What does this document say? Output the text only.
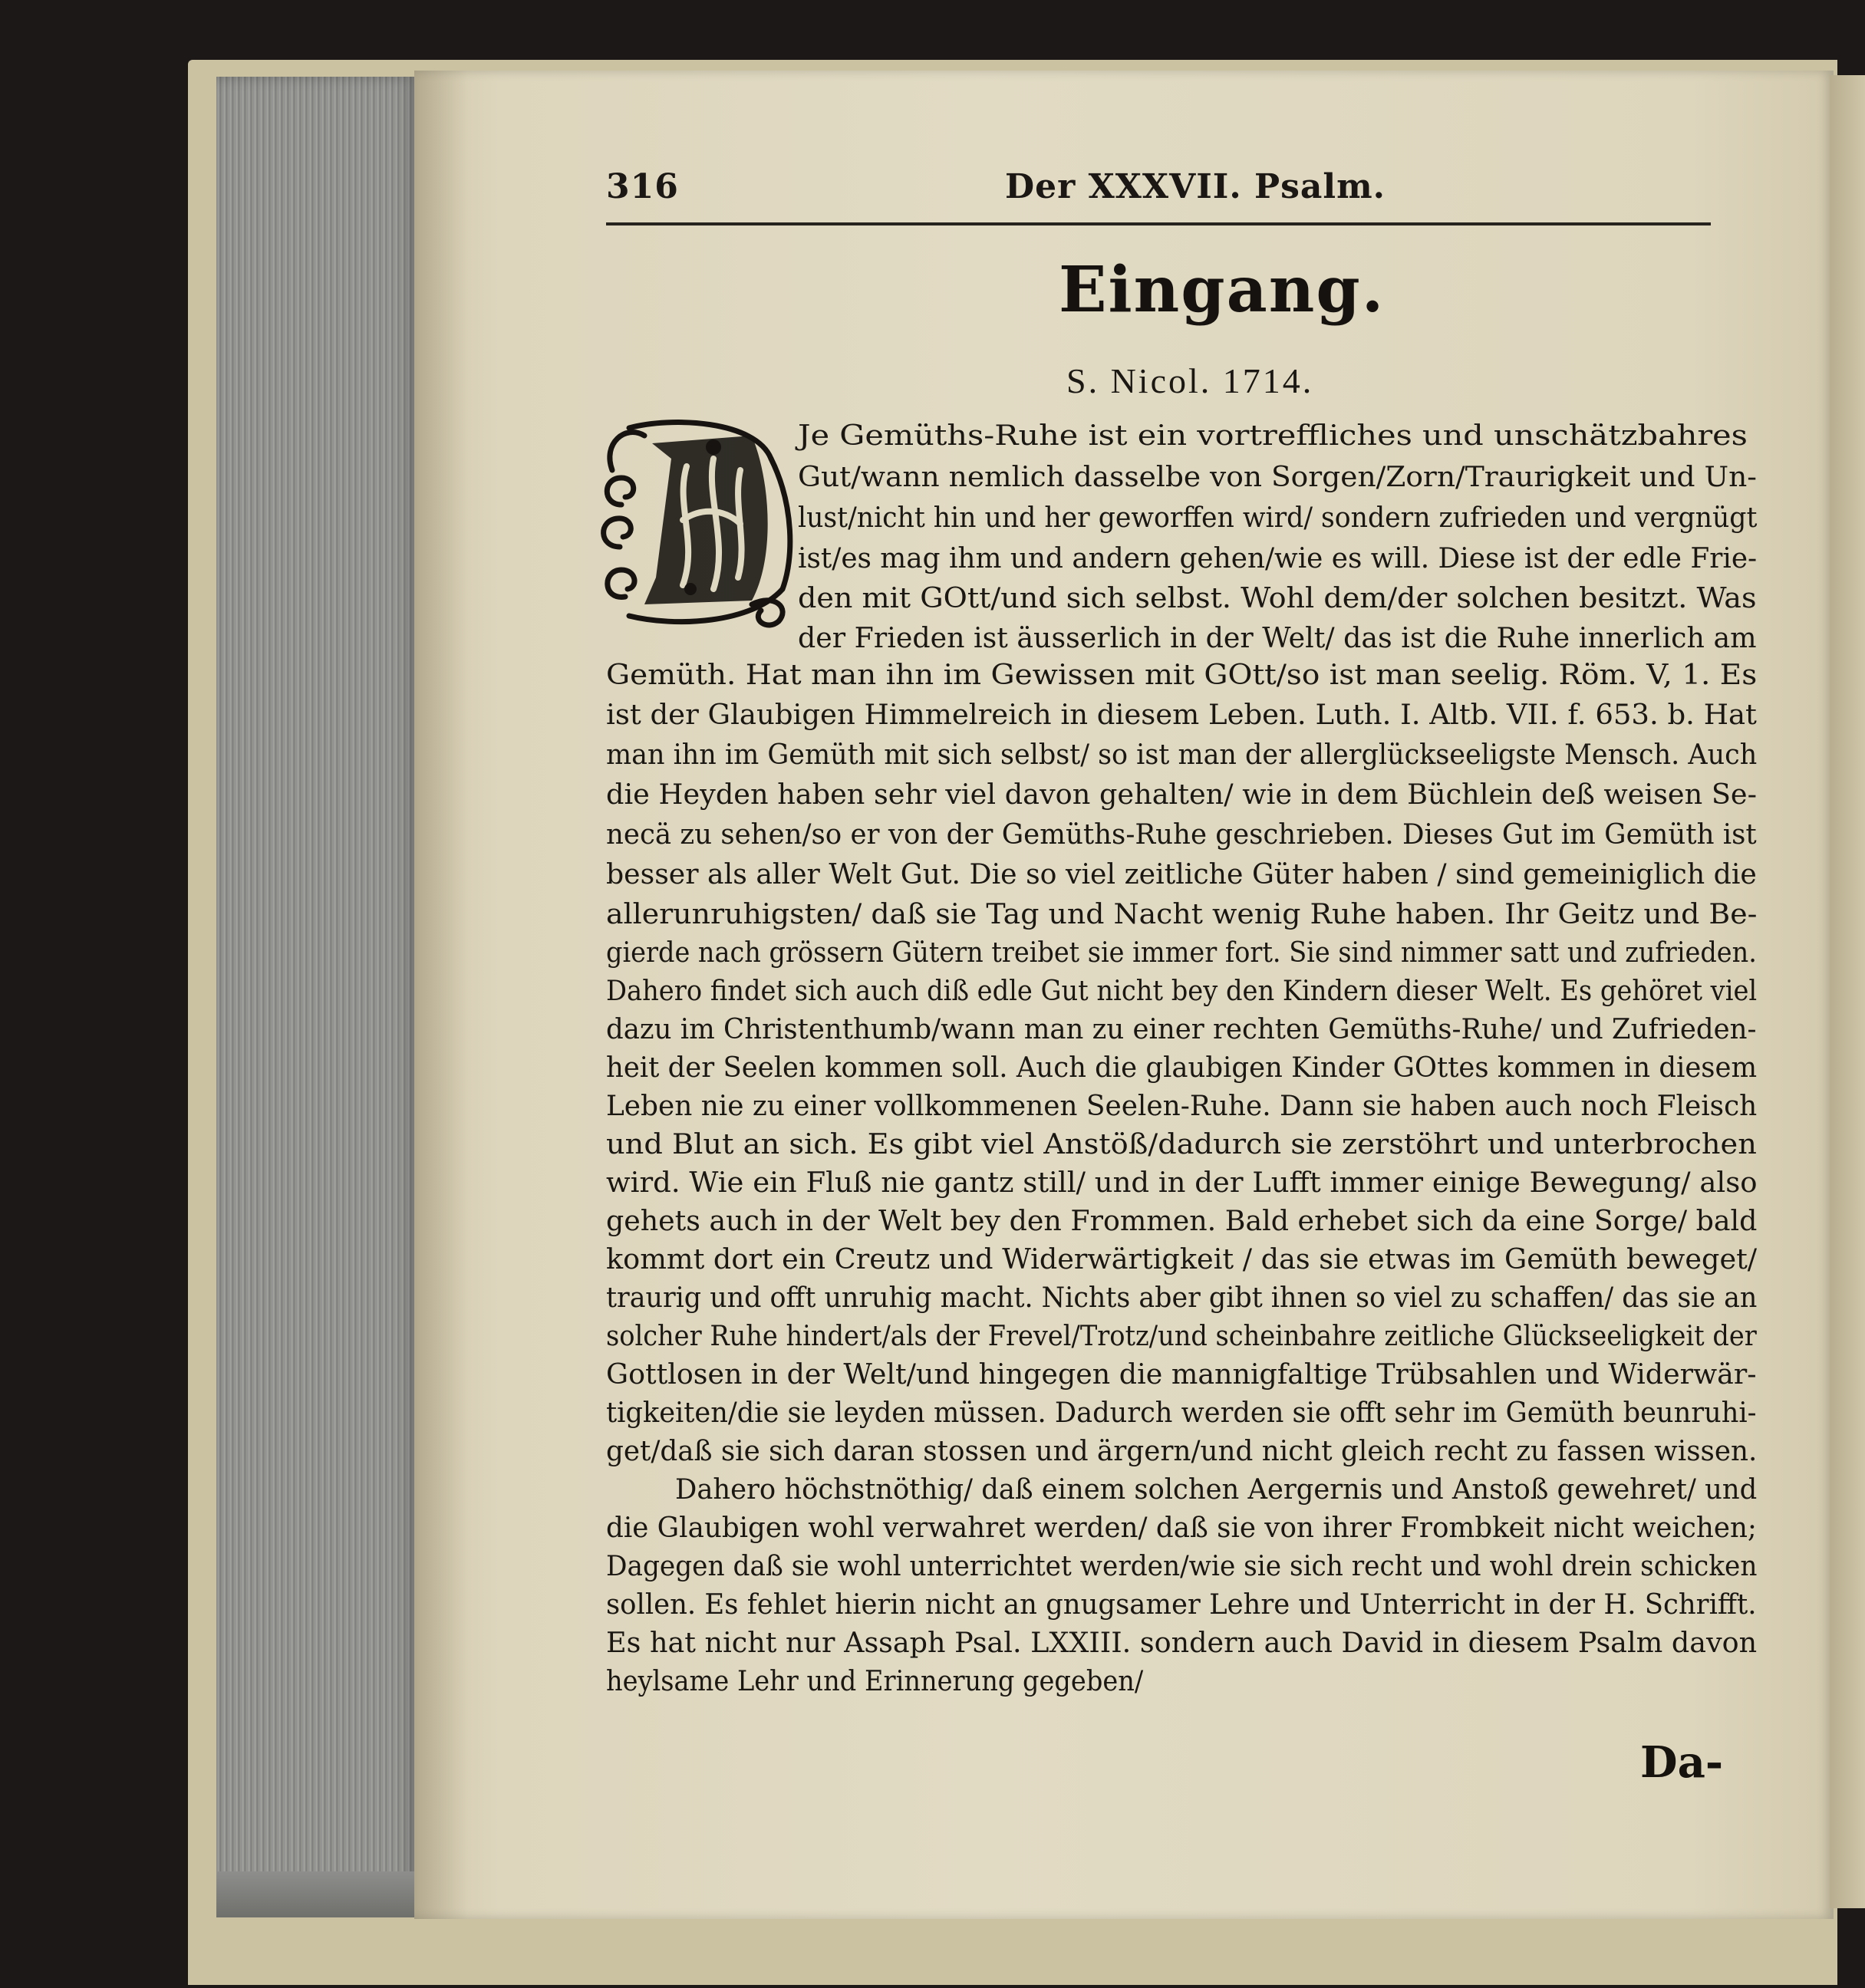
316	Der XXXVII. Psalm.
Eingang.
S. Nicol. 1714.
Je Gemüths-Ruhe ist ein vortreffliches und unschätzbahres
Gut/wann nemlich dasselbe von Sorgen/Zorn/Traurigkeit und Un-
lust/nicht hin und her geworffen wird/ sondern zufrieden und vergnügt
ist/es mag ihm und andern gehen/wie es will. Diese ist der edle Frie-
den mit GOtt/und sich selbst. Wohl dem/der solchen besitzt. Was
der Frieden ist äusserlich in der Welt/ das ist die Ruhe innerlich am
Gemüth. Hat man ihn im Gewissen mit GOtt/so ist man seelig. Röm. V, 1. Es
ist der Glaubigen Himmelreich in diesem Leben. Luth. I. Altb. VII. f. 653. b. Hat
man ihn im Gemüth mit sich selbst/ so ist man der allerglückseeligste Mensch. Auch
die Heyden haben sehr viel davon gehalten/ wie in dem Büchlein deß weisen Se-
necä zu sehen/so er von der Gemüths-Ruhe geschrieben. Dieses Gut im Gemüth ist
besser als aller Welt Gut. Die so viel zeitliche Güter haben / sind gemeiniglich die
allerunruhigsten/ daß sie Tag und Nacht wenig Ruhe haben. Ihr Geitz und Be-
gierde nach grössern Gütern treibet sie immer fort. Sie sind nimmer satt und zufrieden.
Dahero findet sich auch diß edle Gut nicht bey den Kindern dieser Welt. Es gehöret viel
dazu im Christenthumb/wann man zu einer rechten Gemüths-Ruhe/ und Zufrieden-
heit der Seelen kommen soll. Auch die glaubigen Kinder GOttes kommen in diesem
Leben nie zu einer vollkommenen Seelen-Ruhe. Dann sie haben auch noch Fleisch
und Blut an sich. Es gibt viel Anstöß/dadurch sie zerstöhrt und unterbrochen
wird. Wie ein Fluß nie gantz still/ und in der Lufft immer einige Bewegung/ also
gehets auch in der Welt bey den Frommen. Bald erhebet sich da eine Sorge/ bald
kommt dort ein Creutz und Widerwärtigkeit / das sie etwas im Gemüth beweget/
traurig und offt unruhig macht. Nichts aber gibt ihnen so viel zu schaffen/ das sie an
solcher Ruhe hindert/als der Frevel/Trotz/und scheinbahre zeitliche Glückseeligkeit der
Gottlosen in der Welt/und hingegen die mannigfaltige Trübsahlen und Widerwär-
tigkeiten/die sie leyden müssen. Dadurch werden sie offt sehr im Gemüth beunruhi-
get/daß sie sich daran stossen und ärgern/und nicht gleich recht zu fassen wissen.
Dahero höchstnöthig/ daß einem solchen Aergernis und Anstoß gewehret/ und
die Glaubigen wohl verwahret werden/ daß sie von ihrer Frombkeit nicht weichen;
Dagegen daß sie wohl unterrichtet werden/wie sie sich recht und wohl drein schicken
sollen. Es fehlet hierin nicht an gnugsamer Lehre und Unterricht in der H. Schrifft.
Es hat nicht nur Assaph Psal. LXXIII. sondern auch David in diesem Psalm davon
heylsame Lehr und Erinnerung gegeben/
Da-
